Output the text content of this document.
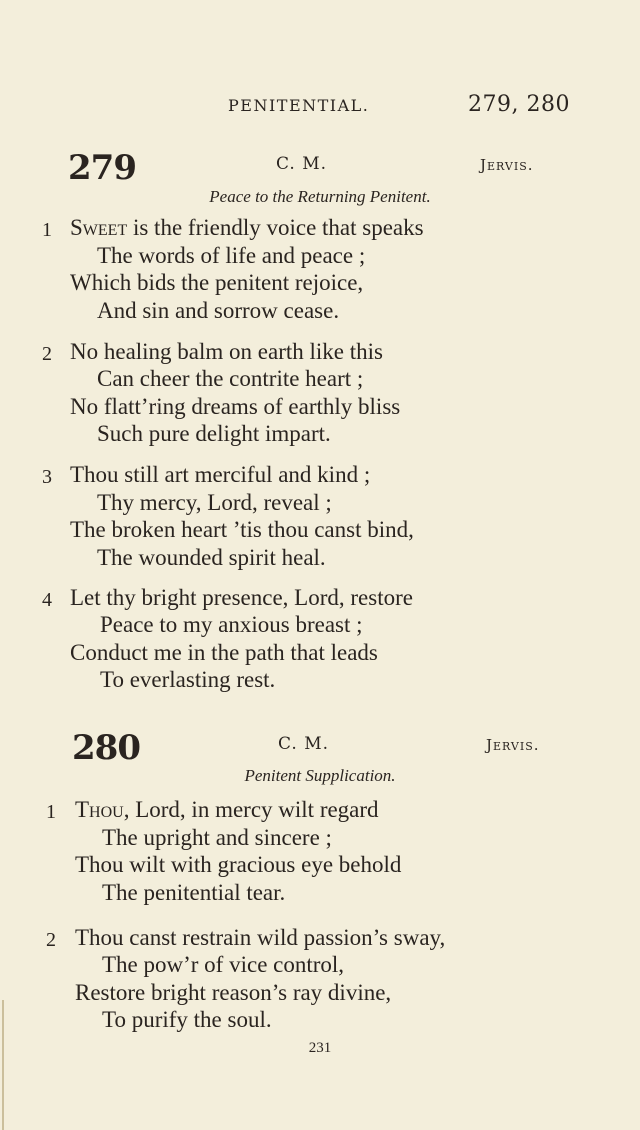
PENITENTIAL.	279, 280
279	C. M.	Jervis.
Peace to the Returning Penitent.
1 Sweet is the friendly voice that speaks
The words of life and peace ;
Which bids the penitent rejoice,
And sin and sorrow cease.
2 No healing balm on earth like this
Can cheer the contrite heart ;
No flatt’ring dreams of earthly bliss
Such pure delight impart.
3 Thou still art merciful and kind ;
Thy mercy, Lord, reveal ;
The broken heart ’tis thou canst bind,
The wounded spirit heal.
4 Let thy bright presence, Lord, restore
Peace to my anxious breast ;
Conduct me in the path that leads
To everlasting rest.
280	C. M.	Jervis.
Penitent Supplication.
1 Thou, Lord, in mercy wilt regard
The upright and sincere ;
Thou wilt with gracious eye behold
The penitential tear.
2 Thou canst restrain wild passion’s sway,
The pow’r of vice control,
Restore bright reason’s ray divine,
To purify the soul.
231
